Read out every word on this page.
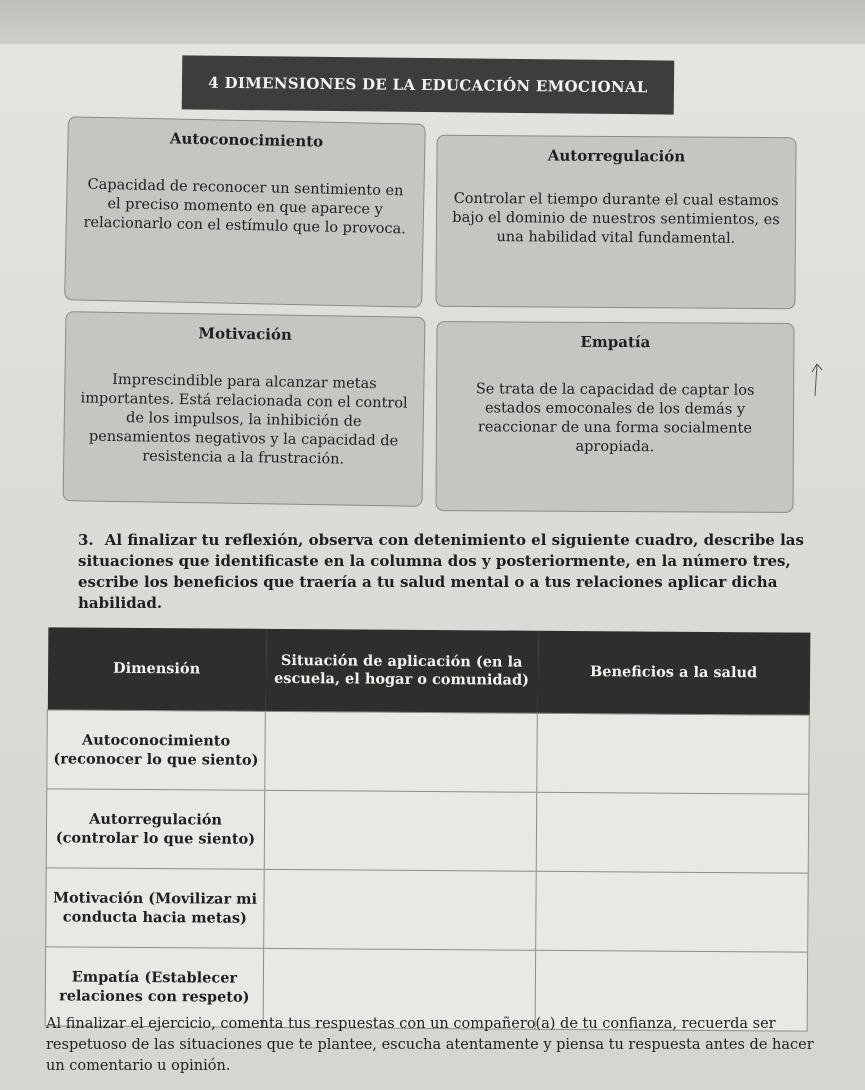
4 DIMENSIONES DE LA EDUCACIÓN EMOCIONAL
Autoconocimiento
Capacidad de reconocer un sentimiento en el preciso momento en que aparece y relacionarlo con el estímulo que lo provoca.
Autorregulación
Controlar el tiempo durante el cual estamos bajo el dominio de nuestros sentimientos, es una habilidad vital fundamental.
Motivación
Imprescindible para alcanzar metas importantes. Está relacionada con el control de los impulsos, la inhibición de pensamientos negativos y la capacidad de resistencia a la frustración.
Empatía
Se trata de la capacidad de captar los estados emoconales de los demás y reaccionar de una forma socialmente apropiada.
3. Al finalizar tu reflexión, observa con detenimiento el siguiente cuadro, describe las situaciones que identificaste en la columna dos y posteriormente, en la número tres, escribe los beneficios que traería a tu salud mental o a tus relaciones aplicar dicha habilidad.
Dimensión	Situación de aplicación (en la escuela, el hogar o comunidad)	Beneficios a la salud
Autoconocimiento (reconocer lo que siento)		
Autorregulación (controlar lo que siento)		
Motivación (Movilizar mi conducta hacia metas)		
Empatía (Establecer relaciones con respeto)		
Al finalizar el ejercicio, comenta tus respuestas con un compañero(a) de tu confianza, recuerda ser respetuoso de las situaciones que te plantee, escucha atentamente y piensa tu respuesta antes de hacer un comentario u opinión.
